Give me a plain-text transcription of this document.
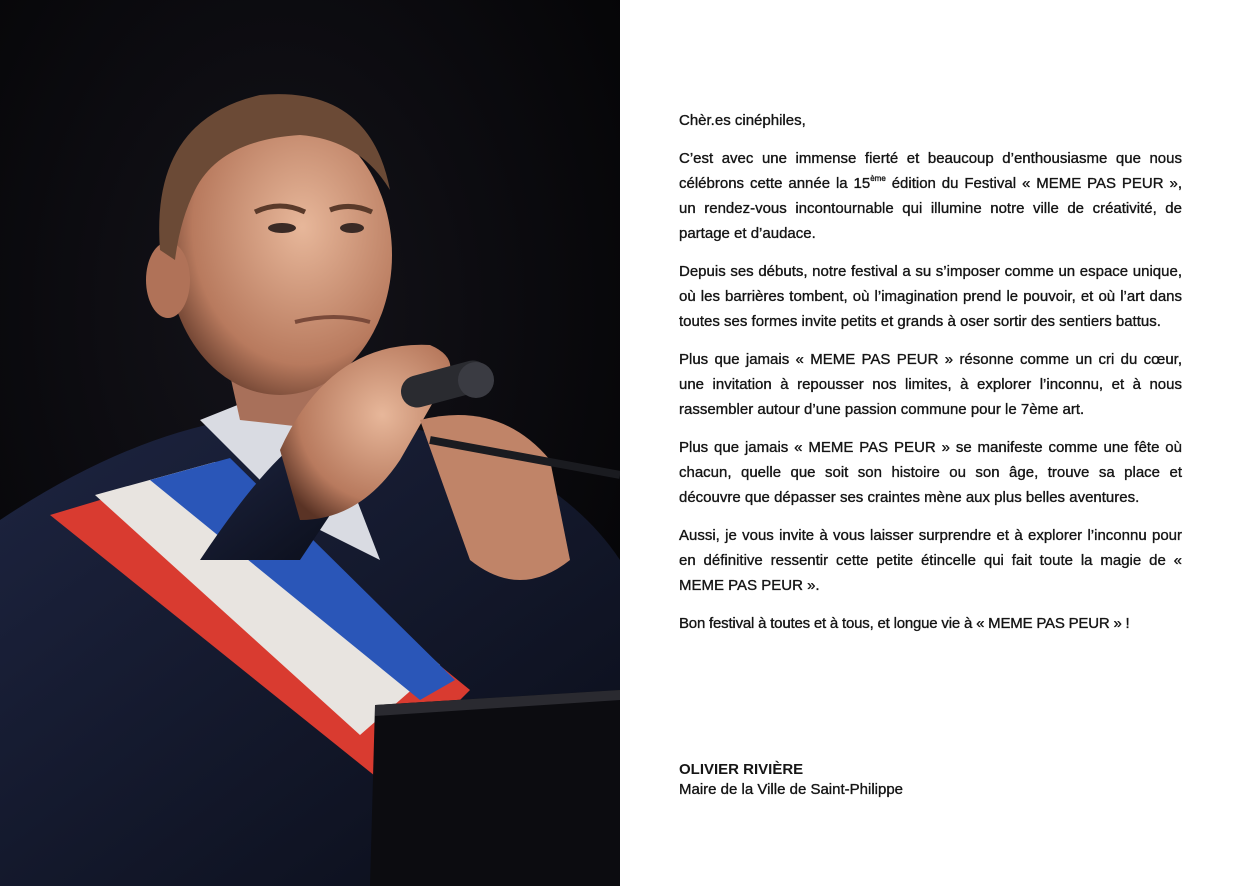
Chèr.es cinéphiles,

C’est avec une immense fierté et beaucoup d’enthousiasme que nous célébrons cette année la 15ème édition du Festival « MEME PAS PEUR », un rendez-vous incontournable qui illumine notre ville de créativité, de partage et d’audace.

Depuis ses débuts, notre festival a su s’imposer comme un espace unique, où les barrières tombent, où l’imagination prend le pouvoir, et où l’art dans toutes ses formes invite petits et grands à oser sortir des sentiers battus.

Plus que jamais « MEME PAS PEUR » résonne comme un cri du cœur, une invitation à repousser nos limites, à explorer l’inconnu, et à nous rassembler autour d’une passion commune pour le 7ème art.

Plus que jamais « MEME PAS PEUR » se manifeste comme une fête où chacun, quelle que soit son histoire ou son âge, trouve sa place et découvre que dépasser ses craintes mène aux plus belles aventures.

Aussi, je vous invite à vous laisser surprendre et à explorer l’inconnu pour en définitive ressentir cette petite étincelle qui fait toute la magie de « MEME PAS PEUR ».

Bon festival à toutes et à tous, et longue vie à « MEME PAS PEUR » !

OLIVIER RIVIÈRE
Maire de la Ville de Saint-Philippe
